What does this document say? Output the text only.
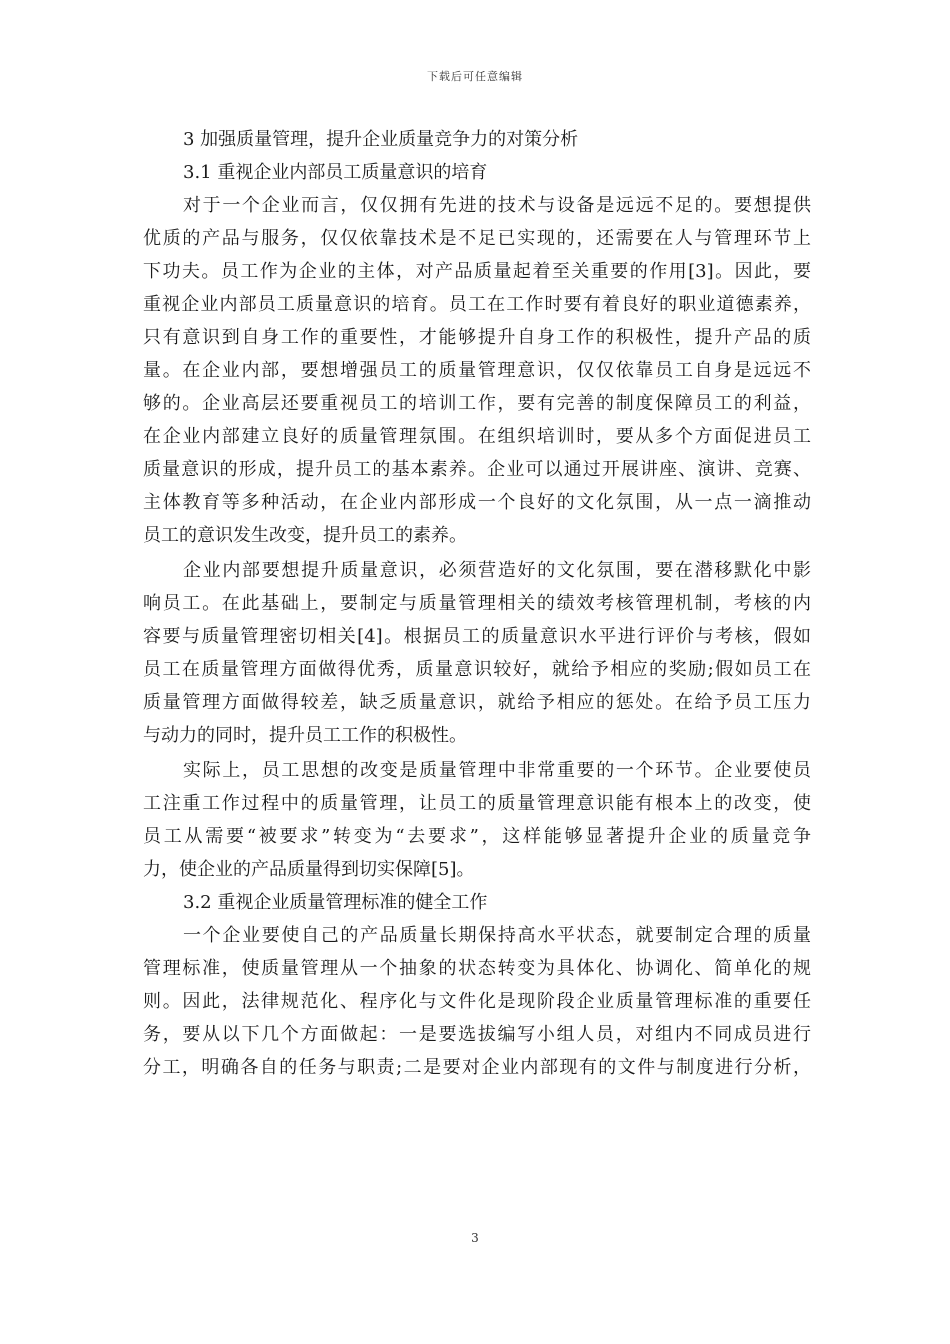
下载后可任意编辑
3 加强质量管理，提升企业质量竞争力的对策分析
3.1 重视企业内部员工质量意识的培育
对于一个企业而言，仅仅拥有先进的技术与设备是远远不足的。要想提供
优质的产品与服务，仅仅依靠技术是不足已实现的，还需要在人与管理环节上
下功夫。员工作为企业的主体，对产品质量起着至关重要的作用[3]。因此，要
重视企业内部员工质量意识的培育。员工在工作时要有着良好的职业道德素养，
只有意识到自身工作的重要性，才能够提升自身工作的积极性，提升产品的质
量。在企业内部，要想增强员工的质量管理意识，仅仅依靠员工自身是远远不
够的。企业高层还要重视员工的培训工作，要有完善的制度保障员工的利益，
在企业内部建立良好的质量管理氛围。在组织培训时，要从多个方面促进员工
质量意识的形成，提升员工的基本素养。企业可以通过开展讲座、演讲、竞赛、
主体教育等多种活动，在企业内部形成一个良好的文化氛围，从一点一滴推动
员工的意识发生改变，提升员工的素养。
企业内部要想提升质量意识，必须营造好的文化氛围，要在潜移默化中影
响员工。在此基础上，要制定与质量管理相关的绩效考核管理机制，考核的内
容要与质量管理密切相关[4]。根据员工的质量意识水平进行评价与考核，假如
员工在质量管理方面做得优秀，质量意识较好，就给予相应的奖励;假如员工在
质量管理方面做得较差，缺乏质量意识，就给予相应的惩处。在给予员工压力
与动力的同时，提升员工工作的积极性。
实际上，员工思想的改变是质量管理中非常重要的一个环节。企业要使员
工注重工作过程中的质量管理，让员工的质量管理意识能有根本上的改变，使
员工从需要“被要求”转变为“去要求”，这样能够显著提升企业的质量竞争
力，使企业的产品质量得到切实保障[5]。
3.2 重视企业质量管理标准的健全工作
一个企业要使自己的产品质量长期保持高水平状态，就要制定合理的质量
管理标准，使质量管理从一个抽象的状态转变为具体化、协调化、简单化的规
则。因此，法律规范化、程序化与文件化是现阶段企业质量管理标准的重要任
务，要从以下几个方面做起：一是要选拔编写小组人员，对组内不同成员进行
分工，明确各自的任务与职责;二是要对企业内部现有的文件与制度进行分析，
3
